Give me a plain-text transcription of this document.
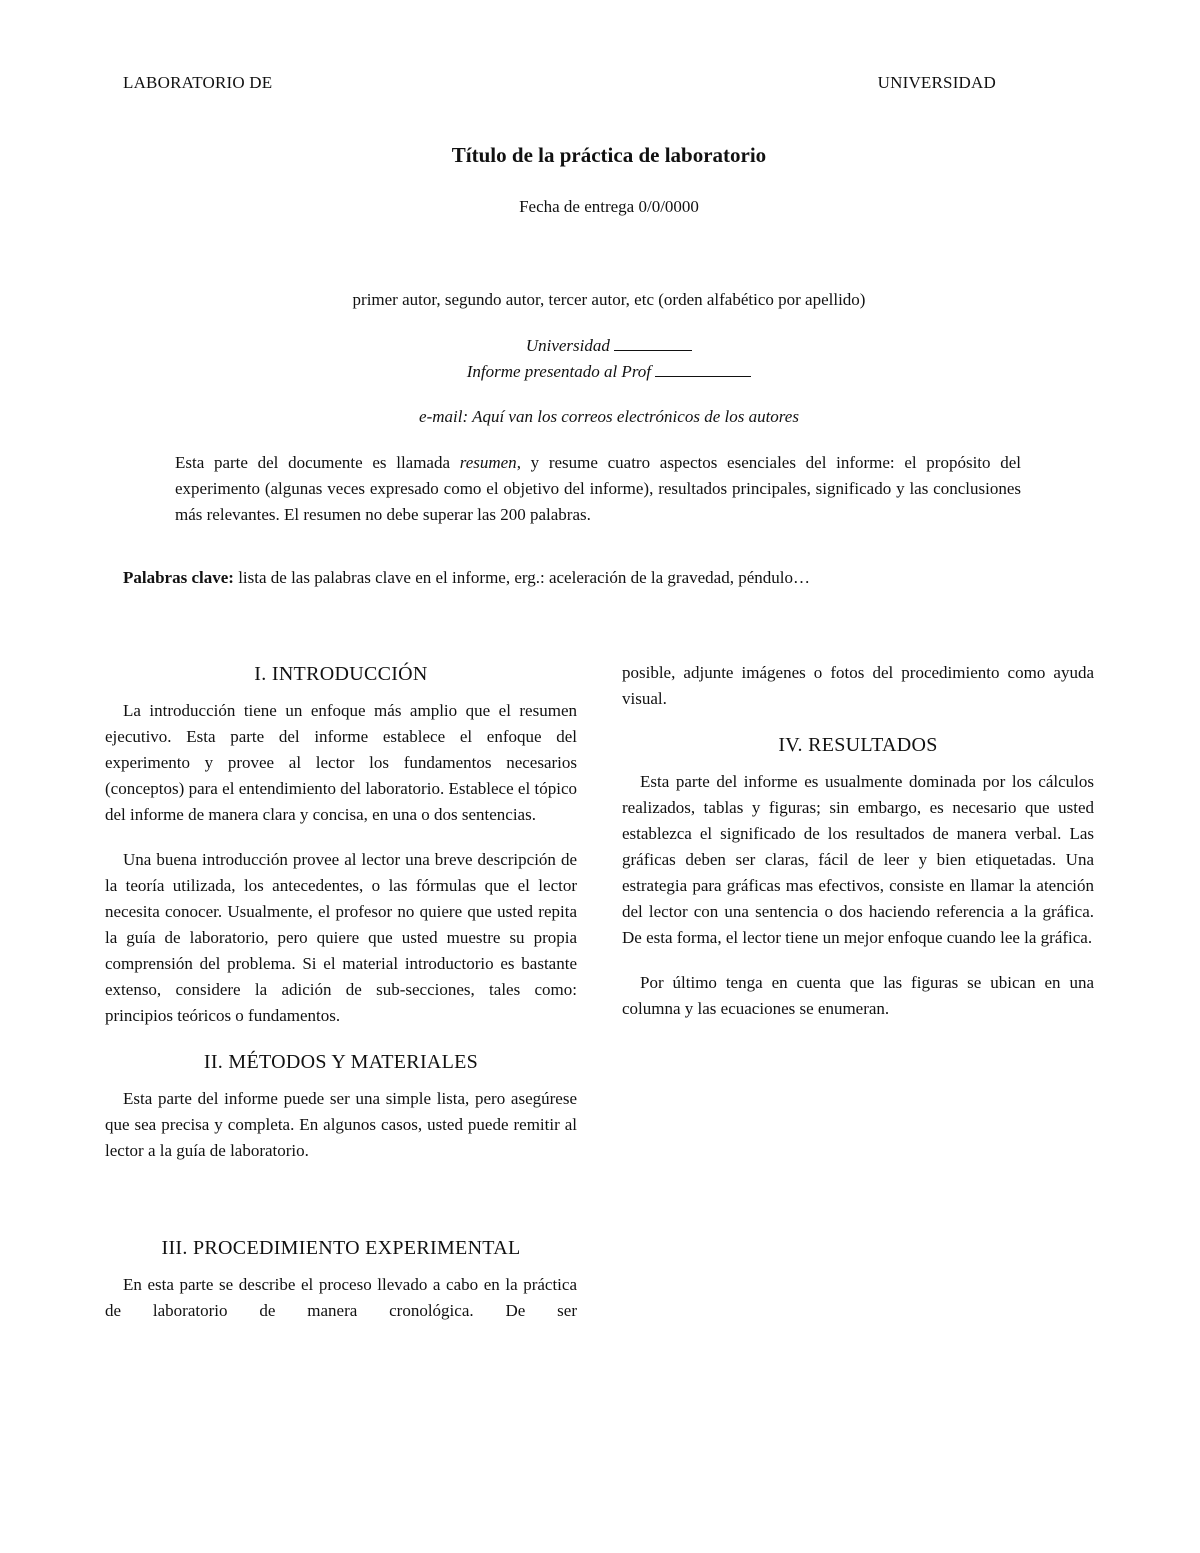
LABORATORIO DE	UNIVERSIDAD
Título de la práctica de laboratorio
Fecha de entrega 0/0/0000
primer autor, segundo autor, tercer autor, etc (orden alfabético por apellido)
Universidad
Informe presentado al Prof
e-mail: Aquí van los correos electrónicos de los autores
Esta parte del documente es llamada resumen, y resume cuatro aspectos esenciales del informe: el propósito del experimento (algunas veces expresado como el objetivo del informe), resultados principales, significado y las conclusiones más relevantes. El resumen no debe superar las 200 palabras.
Palabras clave: lista de las palabras clave en el informe, erg.: aceleración de la gravedad, péndulo…
I. INTRODUCCIÓN

La introducción tiene un enfoque más amplio que el resumen ejecutivo. Esta parte del informe establece el enfoque del experimento y provee al lector los fundamentos necesarios (conceptos) para el entendimiento del laboratorio. Establece el tópico del informe de manera clara y concisa, en una o dos sentencias.

Una buena introducción provee al lector una breve descripción de la teoría utilizada, los antecedentes, o las fórmulas que el lector necesita conocer. Usualmente, el profesor no quiere que usted repita la guía de laboratorio, pero quiere que usted muestre su propia comprensión del problema. Si el material introductorio es bastante extenso, considere la adición de sub-secciones, tales como: principios teóricos o fundamentos.

II. MÉTODOS Y MATERIALES

Esta parte del informe puede ser una simple lista, pero asegúrese que sea precisa y completa. En algunos casos, usted puede remitir al lector a la guía de laboratorio.

III. PROCEDIMIENTO EXPERIMENTAL

En esta parte se describe el proceso llevado a cabo en la práctica de laboratorio de manera cronológica. De ser

posible, adjunte imágenes o fotos del procedimiento como ayuda visual.

IV. RESULTADOS

Esta parte del informe es usualmente dominada por los cálculos realizados, tablas y figuras; sin embargo, es necesario que usted establezca el significado de los resultados de manera verbal. Las gráficas deben ser claras, fácil de leer y bien etiquetadas. Una estrategia para gráficas mas efectivos, consiste en llamar la atención del lector con una sentencia o dos haciendo referencia a la gráfica. De esta forma, el lector tiene un mejor enfoque cuando lee la gráfica.

Por último tenga en cuenta que las figuras se ubican en una columna y las ecuaciones se enumeran.
